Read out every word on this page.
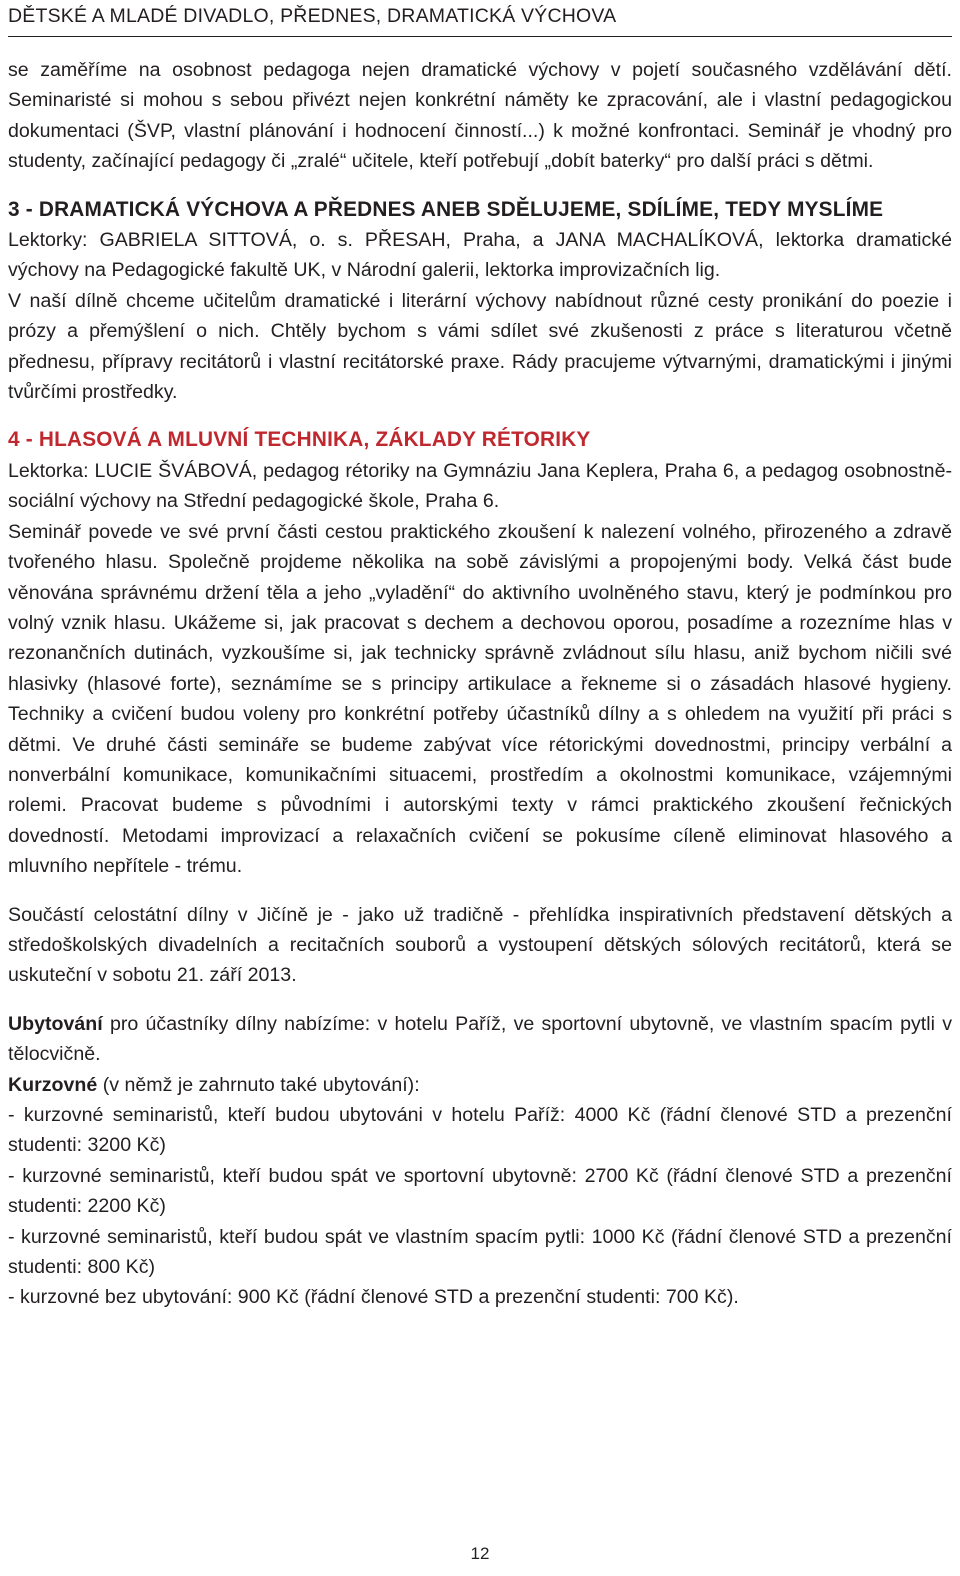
DĚTSKÉ A MLADÉ DIVADLO, PŘEDNES, DRAMATICKÁ VÝCHOVA

se zaměříme na osobnost pedagoga nejen dramatické výchovy v pojetí současného vzdělávání dětí. Seminaristé si mohou s sebou přivézt nejen konkrétní náměty ke zpracování, ale i vlastní pedagogickou dokumentaci (ŠVP, vlastní plánování i hodnocení činností...) k možné konfrontaci. Seminář je vhodný pro studenty, začínající pedagogy či „zralé“ učitele, kteří potřebují „dobít baterky“ pro další práci s dětmi.

3 - DRAMATICKÁ VÝCHOVA A PŘEDNES ANEB SDĚLUJEME, SDÍLÍME, TEDY MYSLÍME

Lektorky: GABRIELA SITTOVÁ, o. s. PŘESAH, Praha, a JANA MACHALÍKOVÁ, lektorka dramatické výchovy na Pedagogické fakultě UK, v Národní galerii, lektorka improvizačních lig.

V naší dílně chceme učitelům dramatické i literární výchovy nabídnout různé cesty pronikání do poezie i prózy a přemýšlení o nich. Chtěly bychom s vámi sdílet své zkušenosti z práce s literaturou včetně přednesu, přípravy recitátorů i vlastní recitátorské praxe. Rády pracujeme výtvarnými, dramatickými i jinými tvůrčími prostředky.

4 - HLASOVÁ A MLUVNÍ TECHNIKA, ZÁKLADY RÉTORIKY

Lektorka: LUCIE ŠVÁBOVÁ, pedagog rétoriky na Gymnáziu Jana Keplera, Praha 6, a pedagog osobnostně-sociální výchovy na Střední pedagogické škole, Praha 6.

Seminář povede ve své první části cestou praktického zkoušení k nalezení volného, přirozeného a zdravě tvořeného hlasu. Společně projdeme několika na sobě závislými a propojenými body. Velká část bude věnována správnému držení těla a jeho „vyladění“ do aktivního uvolněného stavu, který je podmínkou pro volný vznik hlasu. Ukážeme si, jak pracovat s dechem a dechovou oporou, posadíme a rozezníme hlas v rezonančních dutinách, vyzkoušíme si, jak technicky správně zvládnout sílu hlasu, aniž bychom ničili své hlasivky (hlasové forte), seznámíme se s principy artikulace a řekneme si o zásadách hlasové hygieny. Techniky a cvičení budou voleny pro konkrétní potřeby účastníků dílny a s ohledem na využití při práci s dětmi. Ve druhé části semináře se budeme zabývat více rétorickými dovednostmi, principy verbální a nonverbální komunikace, komunikačními situacemi, prostředím a okolnostmi komunikace, vzájemnými rolemi. Pracovat budeme s původními i autorskými texty v rámci praktického zkoušení řečnických dovedností. Metodami improvizací a relaxačních cvičení se pokusíme cíleně eliminovat hlasového a mluvního nepřítele - trému.

Součástí celostátní dílny v Jičíně je - jako už tradičně - přehlídka inspirativních představení dětských a středoškolských divadelních a recitačních souborů a vystoupení dětských sólových recitátorů, která se uskuteční v sobotu 21. září 2013.

Ubytování pro účastníky dílny nabízíme: v hotelu Paříž, ve sportovní ubytovně, ve vlastním spacím pytli v tělocvičně.

Kurzovné (v němž je zahrnuto také ubytování):

- kurzovné seminaristů, kteří budou ubytováni v hotelu Paříž: 4000 Kč (řádní členové STD a prezenční studenti: 3200 Kč)

- kurzovné seminaristů, kteří budou spát ve sportovní ubytovně: 2700 Kč (řádní členové STD a prezenční studenti: 2200 Kč)

- kurzovné seminaristů, kteří budou spát ve vlastním spacím pytli: 1000 Kč (řádní členové STD a prezenční studenti: 800 Kč)

- kurzovné bez ubytování: 900 Kč (řádní členové STD a prezenční studenti: 700 Kč).

12
